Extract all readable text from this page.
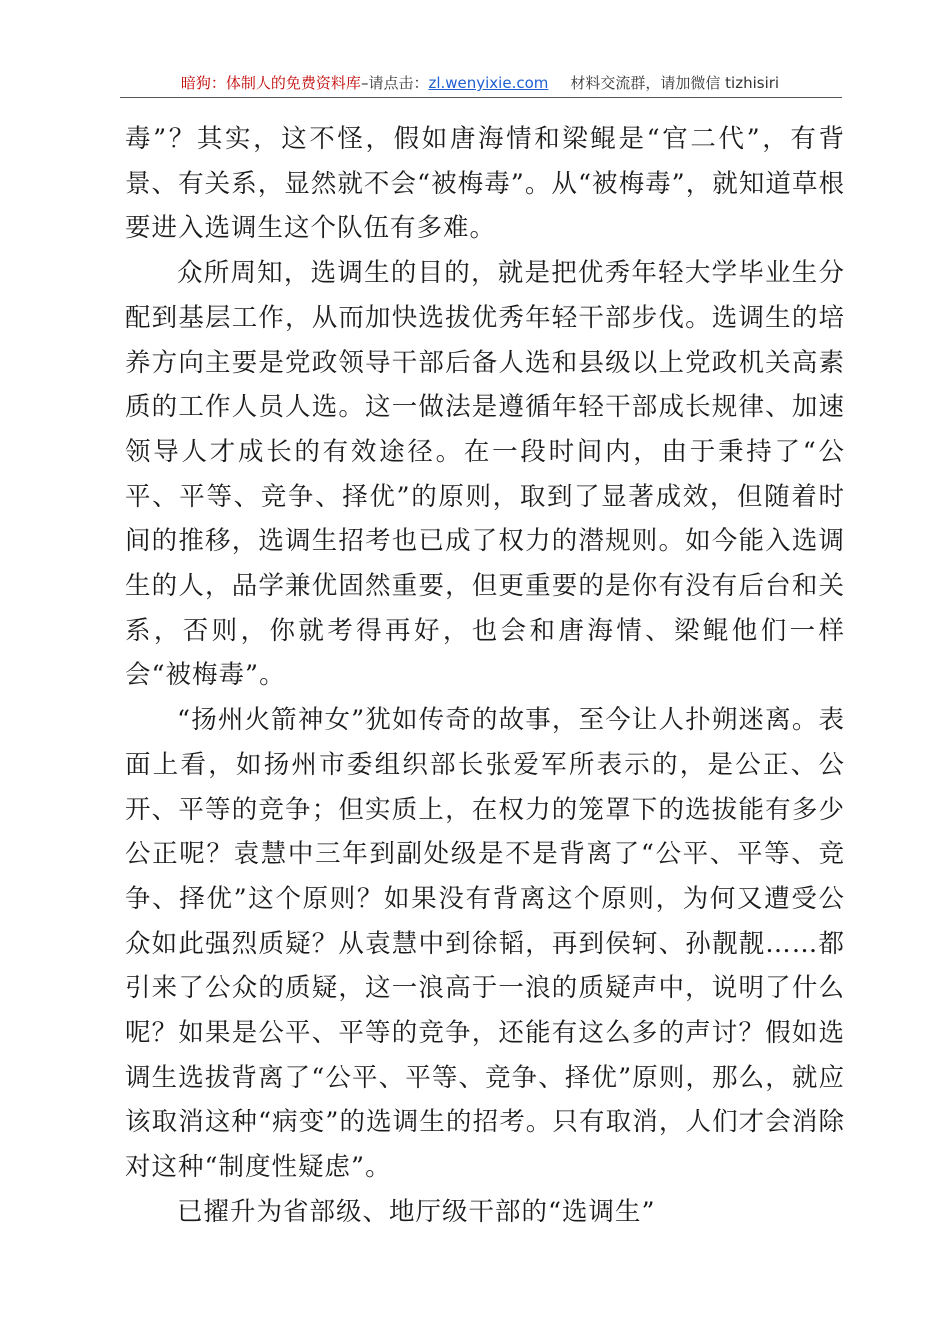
暗狗：体制人的免费资料库–请点击：zl.wenyixie.com 材料交流群，请加微信 tizhisiri

毒”？其实，这不怪，假如唐海情和梁鲲是“官二代”，有背景、有关系，显然就不会“被梅毒”。从“被梅毒”，就知道草根要进入选调生这个队伍有多难。

众所周知，选调生的目的，就是把优秀年轻大学毕业生分配到基层工作，从而加快选拔优秀年轻干部步伐。选调生的培养方向主要是党政领导干部后备人选和县级以上党政机关高素质的工作人员人选。这一做法是遵循年轻干部成长规律、加速领导人才成长的有效途径。在一段时间内，由于秉持了“公平、平等、竞争、择优”的原则，取到了显著成效，但随着时间的推移，选调生招考也已成了权力的潜规则。如今能入选调生的人，品学兼优固然重要，但更重要的是你有没有后台和关系，否则，你就考得再好，也会和唐海情、梁鲲他们一样会“被梅毒”。

“扬州火箭神女”犹如传奇的故事，至今让人扑朔迷离。表面上看，如扬州市委组织部长张爱军所表示的，是公正、公开、平等的竞争；但实质上，在权力的笼罩下的选拔能有多少公正呢？袁慧中三年到副处级是不是背离了“公平、平等、竞争、择优”这个原则？如果没有背离这个原则，为何又遭受公众如此强烈质疑？从袁慧中到徐韬，再到侯轲、孙靓靓……都引来了公众的质疑，这一浪高于一浪的质疑声中，说明了什么呢？如果是公平、平等的竞争，还能有这么多的声讨？假如选调生选拔背离了“公平、平等、竞争、择优”原则，那么，就应该取消这种“病变”的选调生的招考。只有取消，人们才会消除对这种“制度性疑虑”。

已擢升为省部级、地厅级干部的“选调生”
